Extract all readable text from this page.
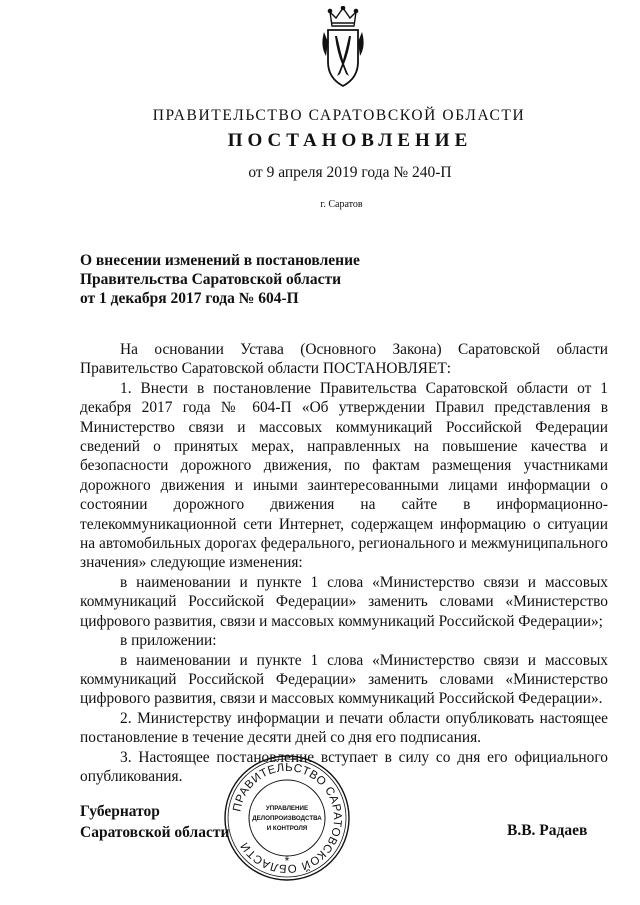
ПРАВИТЕЛЬСТВО САРАТОВСКОЙ ОБЛАСТИ
ПОСТАНОВЛЕНИЕ
от 9 апреля 2019 года № 240-П
г. Саратов
О внесении изменений в постановление
Правительства Саратовской области
от 1 декабря 2017 года № 604-П

На основании Устава (Основного Закона) Саратовской области Правительство Саратовской области ПОСТАНОВЛЯЕТ:

1. Внести в постановление Правительства Саратовской области от 1 декабря 2017 года № 604-П «Об утверждении Правил представления в Министерство связи и массовых коммуникаций Российской Федерации сведений о принятых мерах, направленных на повышение качества и безопасности дорожного движения, по фактам размещения участниками дорожного движения и иными заинтересованными лицами информации о состоянии дорожного движения на сайте в информационно-телекоммуникационной сети Интернет, содержащем информацию о ситуации на автомобильных дорогах федерального, регионального и межмуниципального значения» следующие изменения:

в наименовании и пункте 1 слова «Министерство связи и массовых коммуникаций Российской Федерации» заменить словами «Министерство цифрового развития, связи и массовых коммуникаций Российской Федерации»;

в приложении:

в наименовании и пункте 1 слова «Министерство связи и массовых коммуникаций Российской Федерации» заменить словами «Министерство цифрового развития, связи и массовых коммуникаций Российской Федерации».

2. Министерству информации и печати области опубликовать настоящее постановление в течение десяти дней со дня его подписания.

3. Настоящее постановление вступает в силу со дня его официального опубликования.

Губернатор
Саратовской области	В.В. Радаев
ПРАВИТЕЛЬСТВО САРАТОВСКОЙ ОБЛАСТИ
УПРАВЛЕНИЕ
ДЕЛОПРОИЗВОДСТВА
И КОНТРОЛЯ
*
